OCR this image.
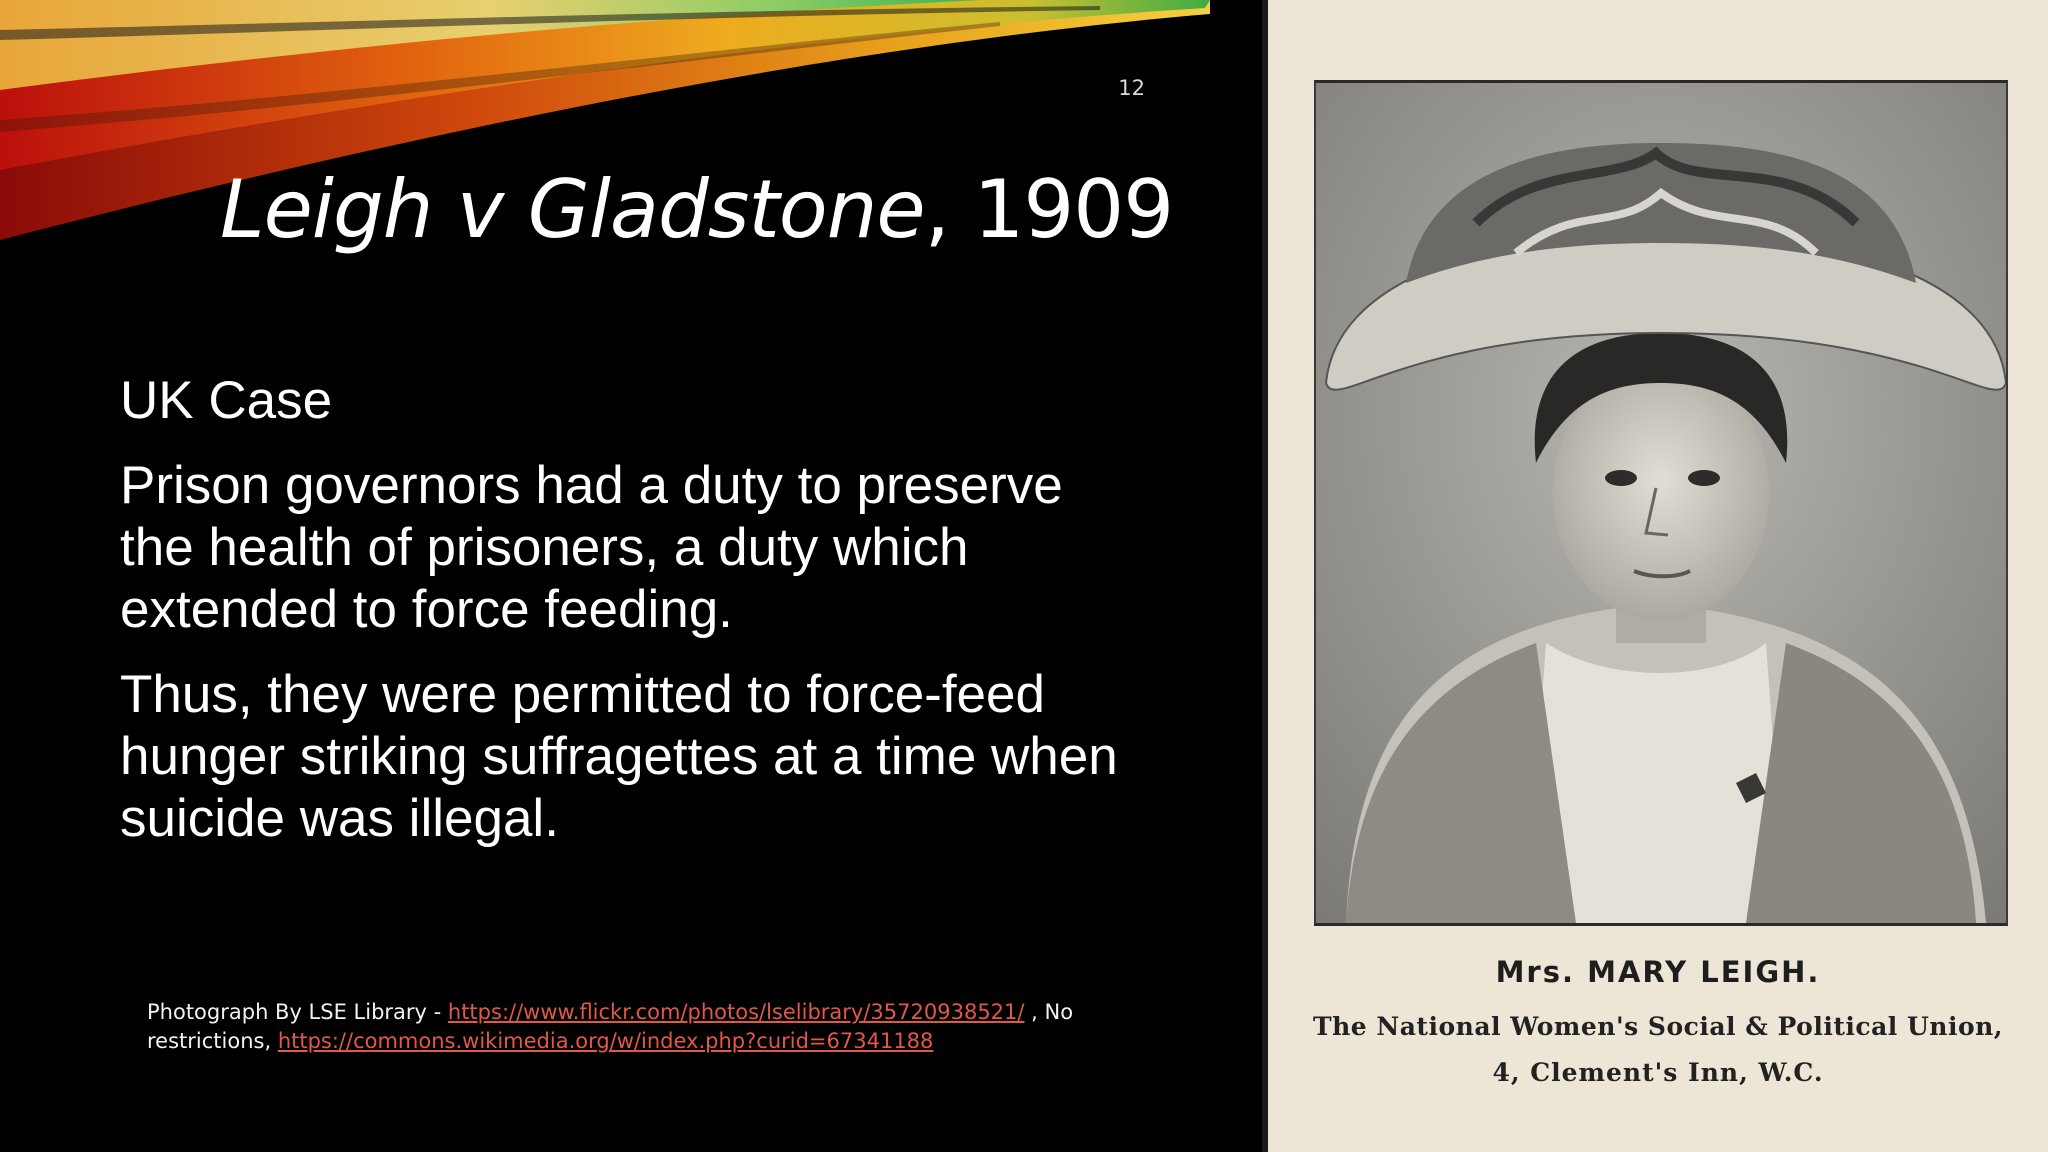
12
Leigh v Gladstone, 1909

UK Case

Prison governors had a duty to preserve the health of prisoners, a duty which extended to force feeding.

Thus, they were permitted to force-feed hunger striking suffragettes at a time when suicide was illegal.

Photograph By LSE Library - https://www.flickr.com/photos/lselibrary/35720938521/ , No restrictions, https://commons.wikimedia.org/w/index.php?curid=67341188
Mrs. MARY LEIGH.
The National Women's Social & Political Union,
4, Clement's Inn, W.C.
